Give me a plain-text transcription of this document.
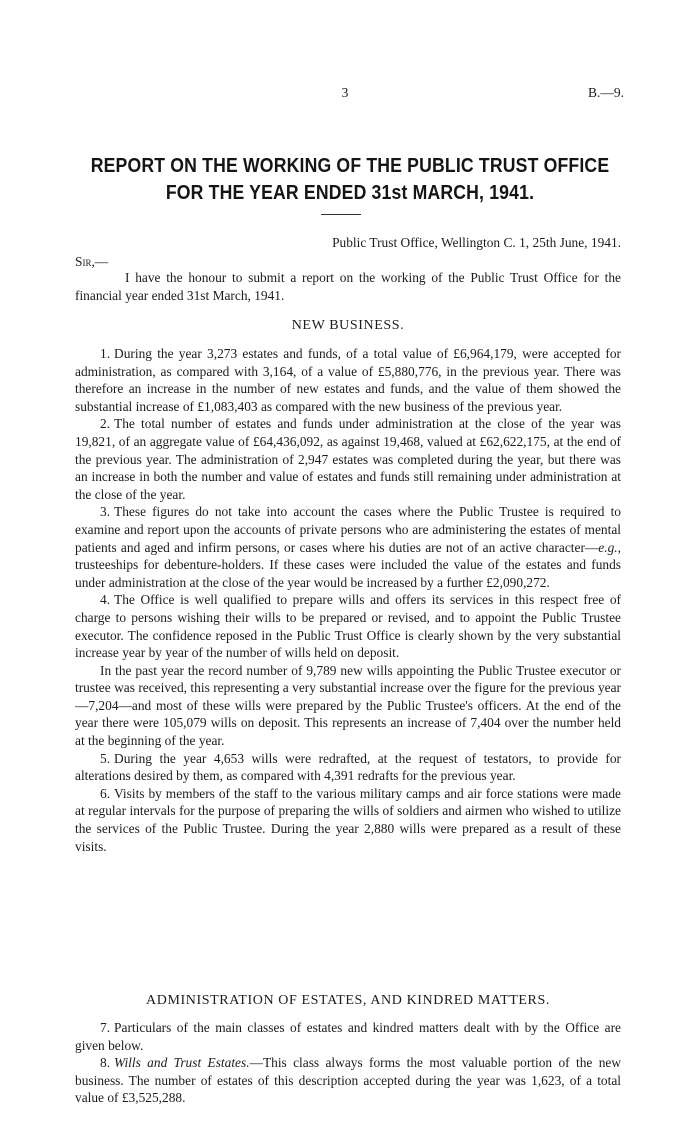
3	B.—9.
REPORT ON THE WORKING OF THE PUBLIC TRUST OFFICE
FOR THE YEAR ENDED 31st MARCH, 1941.
Public Trust Office, Wellington C. 1, 25th June, 1941.
Sir,—
I have the honour to submit a report on the working of the Public Trust Office for the financial year ended 31st March, 1941.
NEW BUSINESS.

1. During the year 3,273 estates and funds, of a total value of £6,964,179, were accepted for administration, as compared with 3,164, of a value of £5,880,776, in the previous year. There was therefore an increase in the number of new estates and funds, and the value of them showed the substantial increase of £1,083,403 as compared with the new business of the previous year.

2. The total number of estates and funds under administration at the close of the year was 19,821, of an aggregate value of £64,436,092, as against 19,468, valued at £62,622,175, at the end of the previous year. The administration of 2,947 estates was completed during the year, but there was an increase in both the number and value of estates and funds still remaining under administration at the close of the year.

3. These figures do not take into account the cases where the Public Trustee is required to examine and report upon the accounts of private persons who are administering the estates of mental patients and aged and infirm persons, or cases where his duties are not of an active character—e.g., trusteeships for debenture-holders. If these cases were included the value of the estates and funds under administration at the close of the year would be increased by a further £2,090,272.

4. The Office is well qualified to prepare wills and offers its services in this respect free of charge to persons wishing their wills to be prepared or revised, and to appoint the Public Trustee executor. The confidence reposed in the Public Trust Office is clearly shown by the very substantial increase year by year of the number of wills held on deposit.

In the past year the record number of 9,789 new wills appointing the Public Trustee executor or trustee was received, this representing a very substantial increase over the figure for the previous year—7,204—and most of these wills were prepared by the Public Trustee's officers. At the end of the year there were 105,079 wills on deposit. This represents an increase of 7,404 over the number held at the beginning of the year.

5. During the year 4,653 wills were redrafted, at the request of testators, to provide for alterations desired by them, as compared with 4,391 redrafts for the previous year.

6. Visits by members of the staff to the various military camps and air force stations were made at regular intervals for the purpose of preparing the wills of soldiers and airmen who wished to utilize the services of the Public Trustee. During the year 2,880 wills were prepared as a result of these visits.

ADMINISTRATION OF ESTATES, AND KINDRED MATTERS.

7. Particulars of the main classes of estates and kindred matters dealt with by the Office are given below.

8. Wills and Trust Estates.—This class always forms the most valuable portion of the new business. The number of estates of this description accepted during the year was 1,623, of a total value of £3,525,288.
